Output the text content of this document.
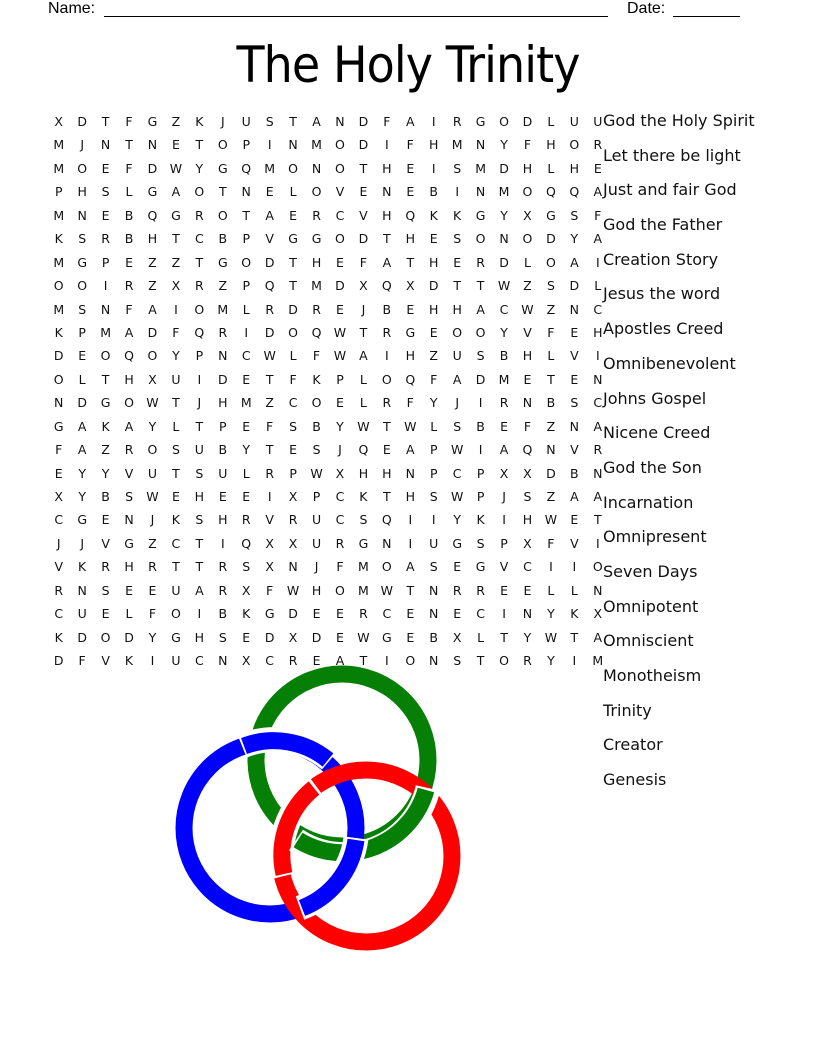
Name:	Date:
The Holy Trinity
X	D	T	F	G	Z	K	J	U	S	T	A	N	D	F	A	I	R	G	O	D	L	U	U
M	J	N	T	N	E	T	O	P	I	N	M	O	D	I	F	H	M	N	Y	F	H	O	R
M	O	E	F	D W	Y	G	Q	M	O	N	O	T	H	E	I	S	M	D	H	L	H	E
P	H	S	L	G	A	O	T	N	E	L	O	V	E	N	E	B	I	N	M	O	Q	Q	A
M	N	E	B	Q	G	R	O	T	A	E	R	C	V	H	Q	K	K	G	Y	X	G	S	F
K	S	R	B	H	T	C	B	P	V	G	G	O	D	T	H	E	S	O	N	O	D	Y	A
M	G	P	E	Z	Z	T	G	O	D	T	H	E	F	A	T	H	E	R	D	L	O	A	I
O	O	I	R	Z	X	R	Z	P	Q	T	M	D	X	Q	X	D	T	T	W	Z	S	D	L
M	S	N	F	A	I	O	M	L	R	D	R	E	J	B	E	H	H	A	C	W	Z	N	C
K	P	M	A	D	F	Q	R	I	D	O	Q W	T	R	G	E	O	O	Y	V	F	E	H
D	E	O	Q	O	Y	P	N	C	W	L	F	W	A	I	H	Z	U	S	B	H	L	V	I
O	L	T	H	X	U	I	D	E	T	F	K	P	L	O	Q	F	A	D	M	E	T	E	N
N	D	G	O W	T	J	H	M	Z	C	O	E	L	R	F	Y	J	I	R	N	B	S	C
G	A	K	A	Y	L	T	P	E	F	S	B	Y	W	T	W	L	S	B	E	F	Z	N	A
F	A	Z	R	O	S	U	B	Y	T	E	S	J	Q	E	A	P	W	I	A	Q	N	V	R
E	Y	Y	V	U	T	S	U	L	R	P	W	X	H	H	N	P	C	P	X	X	D	B	N
X	Y	B	S	W	E	H	E	E	I	X	P	C	K	T	H	S	W	P	J	S	Z	A	A
C	G	E	N	J	K	S	H	R	V	R	U	C	S	Q	I	I	Y	K	I	H	W	E	T
J	J	V	G	Z	C	T	I	Q	X	X	U	R	G	N	I	U	G	S	P	X	F	V	I
V	K	R	H	R	T	T	R	S	X	N	J	F	M	O	A	S	E	G	V	C	I	I	O
R	N	S	E	E	U	A	R	X	F	W	H	O	M W	T	N	R	R	E	E	L	L	N
C	U	E	L	F	O	I	B	K	G	D	E	E	R	C	E	N	E	C	I	N	Y	K	X
K	D	O	D	Y	G	H	S	E	D	X	D	E	W G	E	B	X	L	T	Y	W	T	A
D	F	V	K	I	U	C	N	X	C	R	E	A	T	I	O	N	S	T	O	R	Y	I	M
God the Holy Spirit
Let there be light
Just and fair God
God the Father
Creation Story
Jesus the word
Apostles Creed
Omnibenevolent
Johns Gospel
Nicene Creed
God the Son
Incarnation
Omnipresent
Seven Days
Omnipotent
Omniscient
Monotheism
Trinity
Creator
Genesis
